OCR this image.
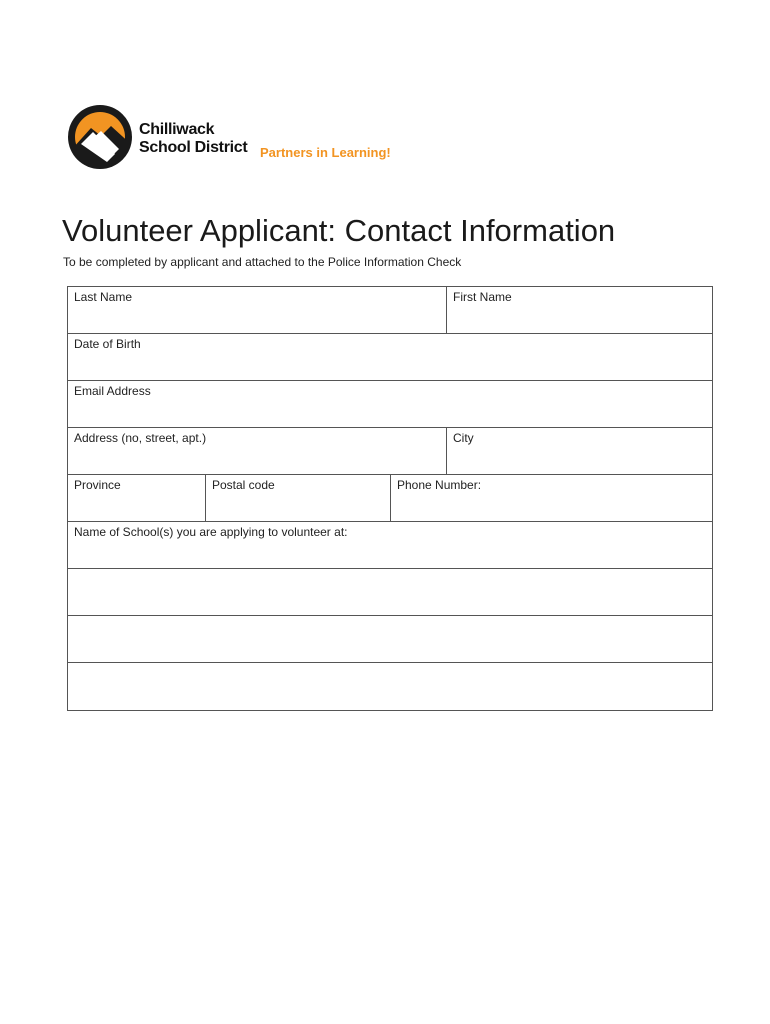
Chilliwack
School District Partners in Learning!
Volunteer Applicant: Contact Information
To be completed by applicant and attached to the Police Information Check
Last Name	First Name
Date of Birth
Email Address
Address (no, street, apt.)	City
Province	Postal code	Phone Number:
Name of School(s) you are applying to volunteer at:
